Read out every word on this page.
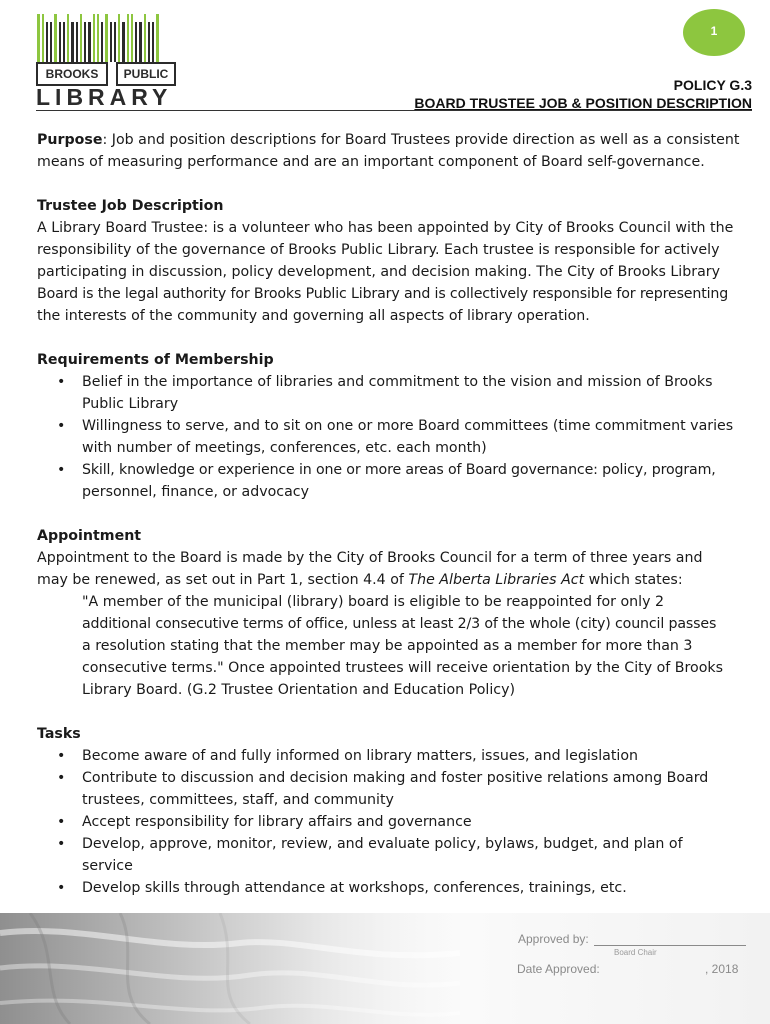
BROOKS	PUBLIC
LIBRARY
1
POLICY G.3
BOARD TRUSTEE JOB & POSITION DESCRIPTION

Purpose: Job and position descriptions for Board Trustees provide direction as well as a consistent

means of measuring performance and are an important component of Board self-governance.

Trustee Job Description

A Library Board Trustee: is a volunteer who has been appointed by City of Brooks Council with the

responsibility of the governance of Brooks Public Library. Each trustee is responsible for actively

participating in discussion, policy development, and decision making. The City of Brooks Library

Board is the legal authority for Brooks Public Library and is collectively responsible for representing

the interests of the community and governing all aspects of library operation.

Requirements of Membership

• Belief in the importance of libraries and commitment to the vision and mission of Brooks
Public Library
• Willingness to serve, and to sit on one or more Board committees (time commitment varies
with number of meetings, conferences, etc. each month)
• Skill, knowledge or experience in one or more areas of Board governance: policy, program,
personnel, finance, or advocacy

Appointment

Appointment to the Board is made by the City of Brooks Council for a term of three years and

may be renewed, as set out in Part 1, section 4.4 of The Alberta Libraries Act which states:

"A member of the municipal (library) board is eligible to be reappointed for only 2

additional consecutive terms of office, unless at least 2/3 of the whole (city) council passes

a resolution stating that the member may be appointed as a member for more than 3

consecutive terms." Once appointed trustees will receive orientation by the City of Brooks

Library Board. (G.2 Trustee Orientation and Education Policy)

Tasks

• Become aware of and fully informed on library matters, issues, and legislation
• Contribute to discussion and decision making and foster positive relations among Board
trustees, committees, staff, and community
• Accept responsibility for library affairs and governance
• Develop, approve, monitor, review, and evaluate policy, bylaws, budget, and plan of
service
• Develop skills through attendance at workshops, conferences, trainings, etc.
Approved by:
Board Chair
Date Approved:	, 2018
